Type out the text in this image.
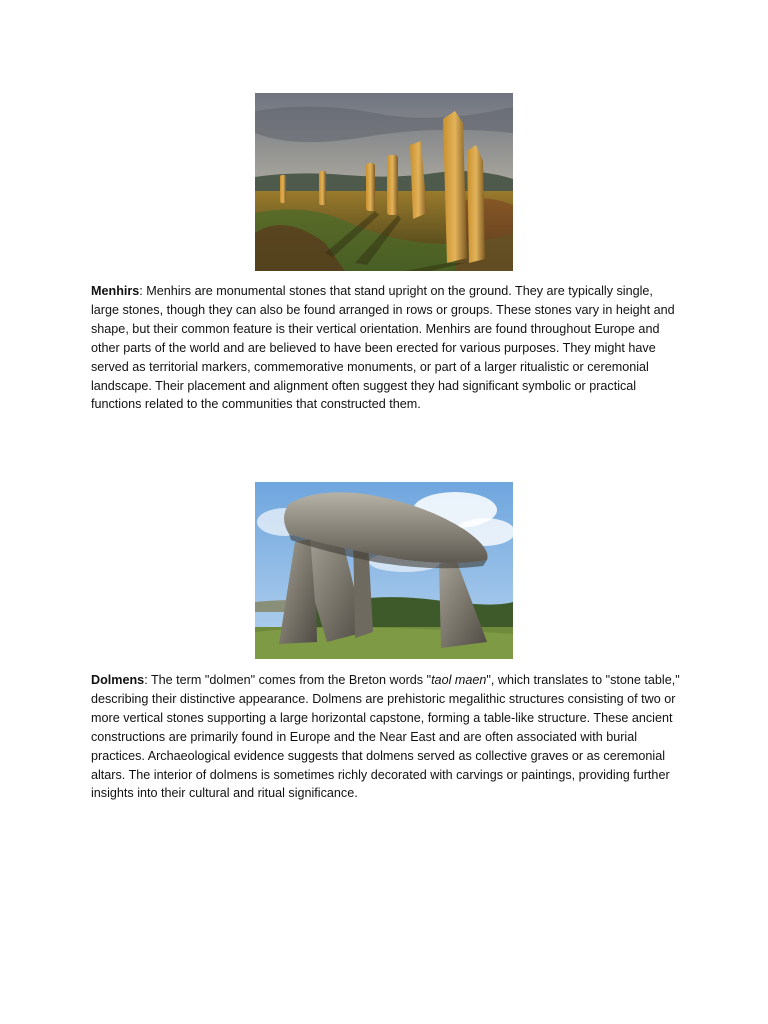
Menhirs: Menhirs are monumental stones that stand upright on the ground. They are typically single, large stones, though they can also be found arranged in rows or groups. These stones vary in height and shape, but their common feature is their vertical orientation. Menhirs are found throughout Europe and other parts of the world and are believed to have been erected for various purposes. They might have served as territorial markers, commemorative monuments, or part of a larger ritualistic or ceremonial landscape. Their placement and alignment often suggest they had significant symbolic or practical functions related to the communities that constructed them.

Dolmens: The term "dolmen" comes from the Breton words "taol maen", which translates to "stone table," describing their distinctive appearance. Dolmens are prehistoric megalithic structures consisting of two or more vertical stones supporting a large horizontal capstone, forming a table-like structure. These ancient constructions are primarily found in Europe and the Near East and are often associated with burial practices. Archaeological evidence suggests that dolmens served as collective graves or as ceremonial altars. The interior of dolmens is sometimes richly decorated with carvings or paintings, providing further insights into their cultural and ritual significance.
